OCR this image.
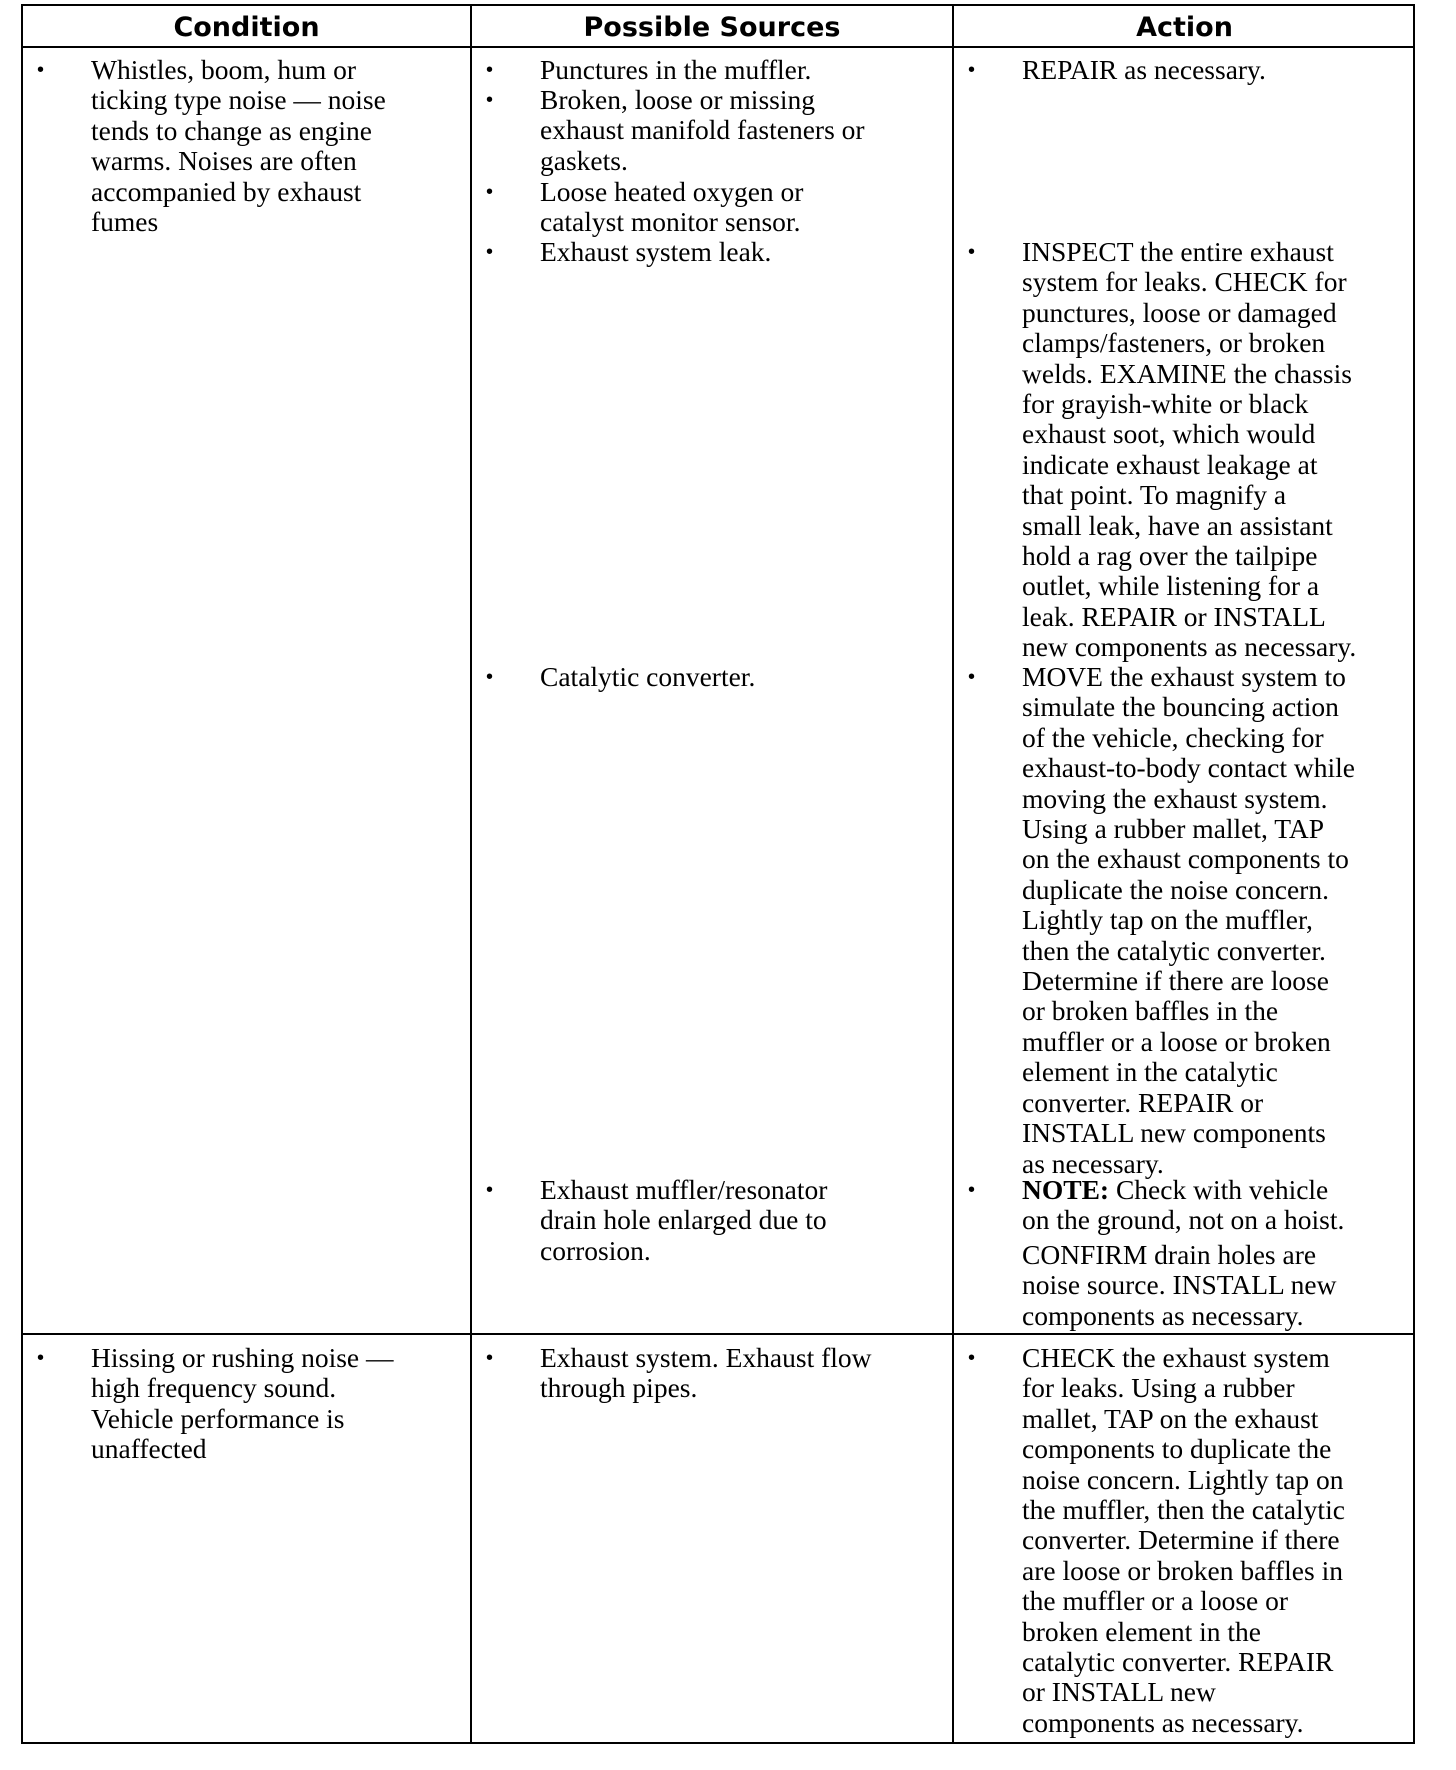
Condition	Possible Sources	Action
• Whistles, boom, hum or
ticking type noise — noise
tends to change as engine
warms. Noises are often
accompanied by exhaust
fumes
• Punctures in the muffler.
• Broken, loose or missing
exhaust manifold fasteners or
gaskets.
• Loose heated oxygen or
catalyst monitor sensor.
• Exhaust system leak.
• Catalytic converter.
• Exhaust muffler/resonator
drain hole enlarged due to
corrosion.
• REPAIR as necessary.
• INSPECT the entire exhaust
system for leaks. CHECK for
punctures, loose or damaged
clamps/fasteners, or broken
welds. EXAMINE the chassis
for grayish-white or black
exhaust soot, which would
indicate exhaust leakage at
that point. To magnify a
small leak, have an assistant
hold a rag over the tailpipe
outlet, while listening for a
leak. REPAIR or INSTALL
new components as necessary.
• MOVE the exhaust system to
simulate the bouncing action
of the vehicle, checking for
exhaust-to-body contact while
moving the exhaust system.
Using a rubber mallet, TAP
on the exhaust components to
duplicate the noise concern.
Lightly tap on the muffler,
then the catalytic converter.
Determine if there are loose
or broken baffles in the
muffler or a loose or broken
element in the catalytic
converter. REPAIR or
INSTALL new components
as necessary.
• NOTE: Check with vehicle
on the ground, not on a hoist.
CONFIRM drain holes are
noise source. INSTALL new
components as necessary.
• Hissing or rushing noise —
high frequency sound.
Vehicle performance is
unaffected
• Exhaust system. Exhaust flow
through pipes.
• CHECK the exhaust system
for leaks. Using a rubber
mallet, TAP on the exhaust
components to duplicate the
noise concern. Lightly tap on
the muffler, then the catalytic
converter. Determine if there
are loose or broken baffles in
the muffler or a loose or
broken element in the
catalytic converter. REPAIR
or INSTALL new
components as necessary.
